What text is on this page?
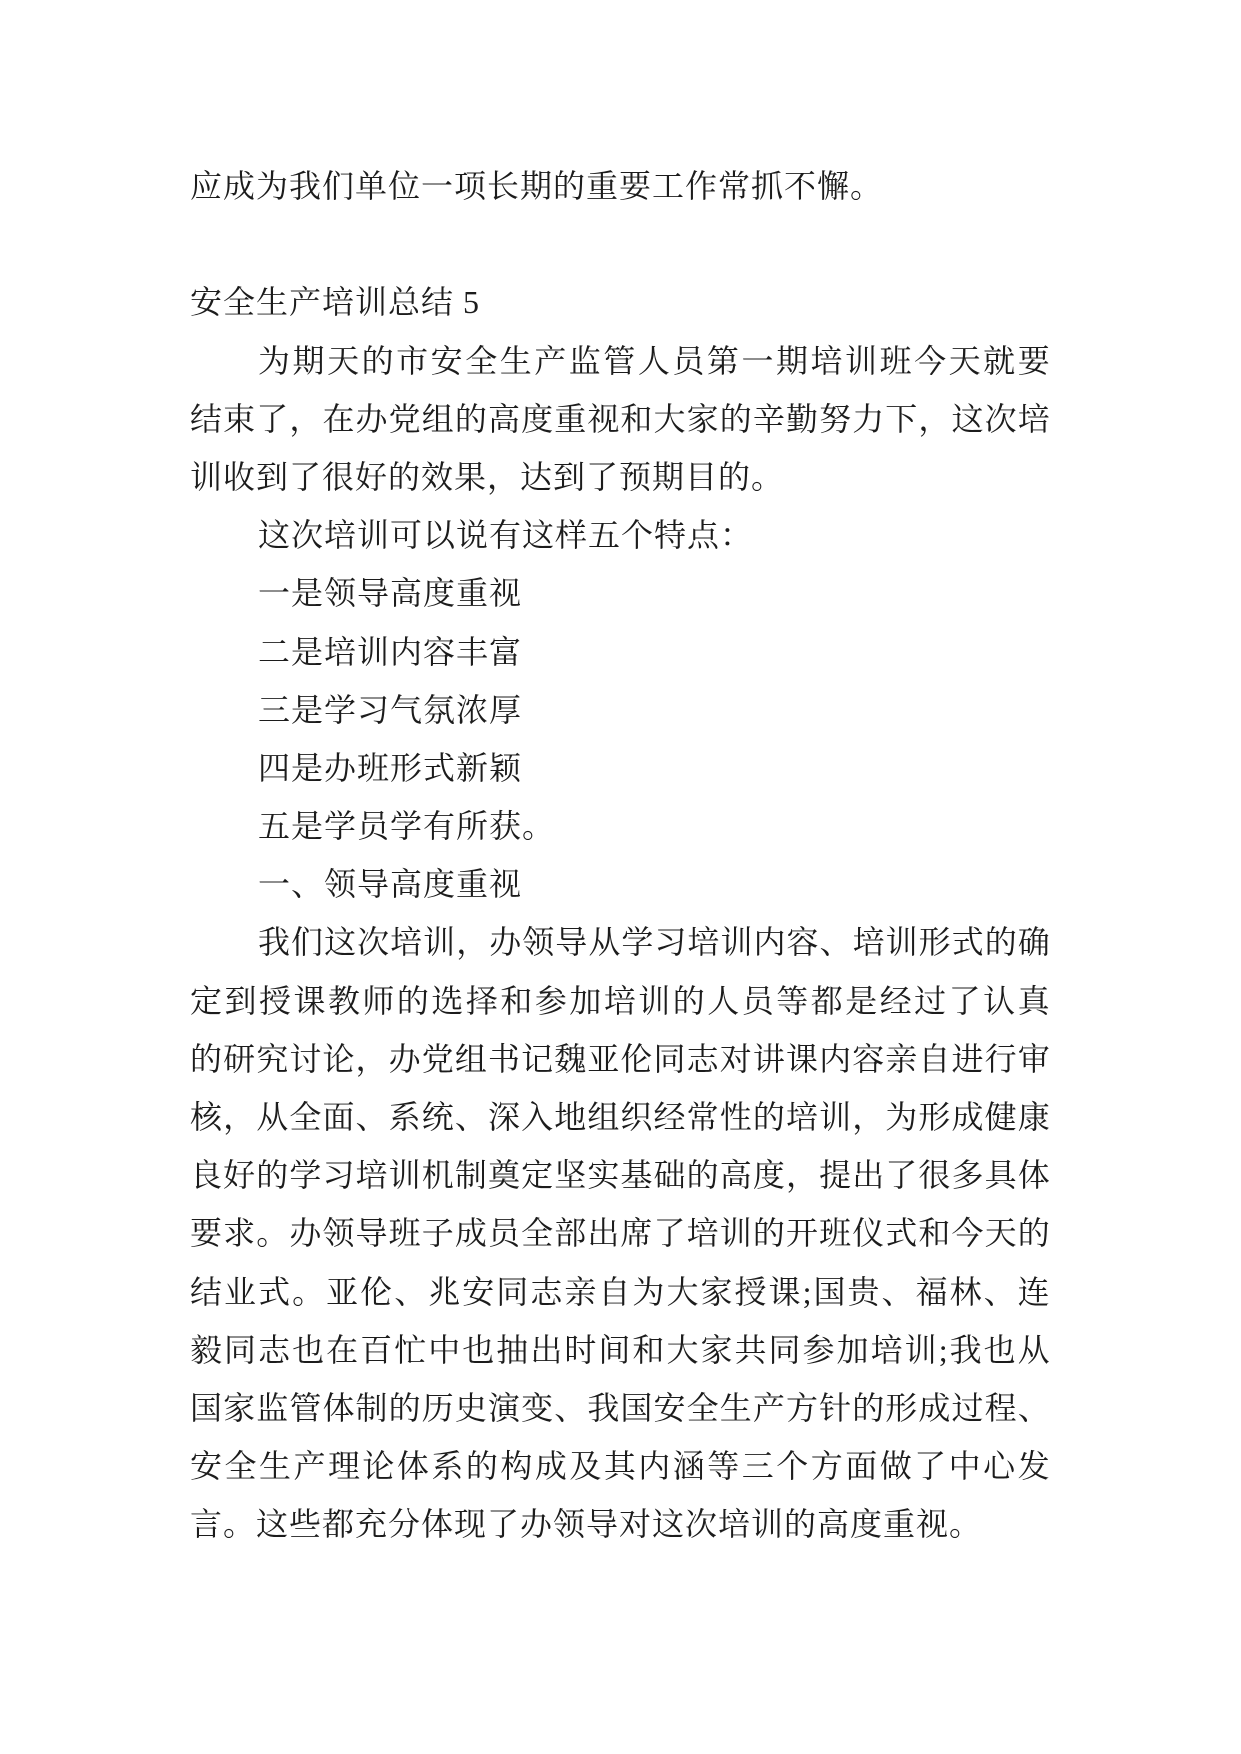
应成为我们单位一项长期的重要工作常抓不懈。
安全生产培训总结 5
为 期 天 的 市 安 全 生 产 监 管 人 员 第 一 期 培 训 班 今 天 就 要
结 束 了 ， 在 办 党 组 的 高 度 重 视 和 大 家 的 辛 勤 努 力 下 ， 这 次 培
训收到了很好的效果，达到了预期目的。
这次培训可以说有这样五个特点：
一是领导高度重视
二是培训内容丰富
三是学习气氛浓厚
四是办班形式新颖
五是学员学有所获。
一、领导高度重视
我 们 这 次 培 训 ， 办 领 导 从 学 习 培 训 内 容 、 培 训 形 式 的 确
定 到 授 课 教 师 的 选 择 和 参 加 培 训 的 人 员 等 都 是 经 过 了 认 真
的 研 究 讨 论 ， 办 党 组 书 记 魏 亚 伦 同 志 对 讲 课 内 容 亲 自 进 行 审
核 ， 从 全 面 、 系 统 、 深 入 地 组 织 经 常 性 的 培 训 ， 为 形 成 健 康
良 好 的 学 习 培 训 机 制 奠 定 坚 实 基 础 的 高 度 ， 提 出 了 很 多 具 体
要 求 。 办 领 导 班 子 成 员 全 部 出 席 了 培 训 的 开 班 仪 式 和 今 天 的
结 业 式 。 亚 伦 、 兆 安 同 志 亲 自 为 大 家 授 课 ; 国 贵 、 福 林 、 连
毅 同 志 也 在 百 忙 中 也 抽 出 时 间 和 大 家 共 同 参 加 培 训 ; 我 也 从
国 家 监 管 体 制 的 历 史 演 变 、 我 国 安 全 生 产 方 针 的 形 成 过 程 、
安 全 生 产 理 论 体 系 的 构 成 及 其 内 涵 等 三 个 方 面 做 了 中 心 发
言。这些都充分体现了办领导对这次培训的高度重视。
